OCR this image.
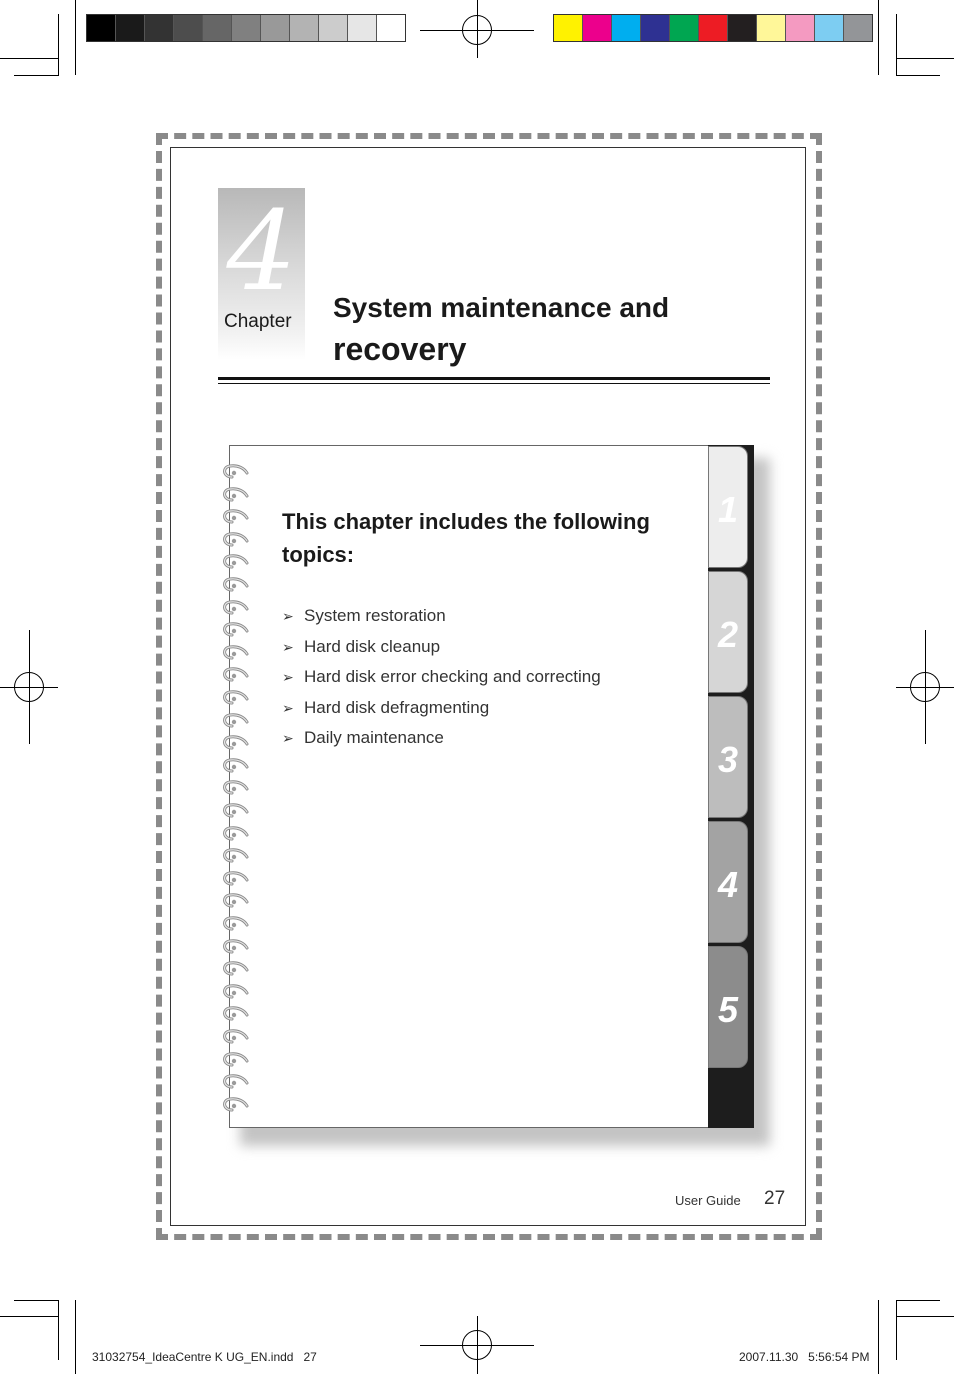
4
Chapter System maintenance and
recovery
1
2
3
4
5
This chapter includes the following topics:
➢ System restoration
➢ Hard disk cleanup
➢ Hard disk error checking and correcting
➢ Hard disk defragmenting
➢ Daily maintenance
User Guide 27
31032754_IdeaCentre K UG_EN.indd   27	2007.11.30   5:56:54 PM
